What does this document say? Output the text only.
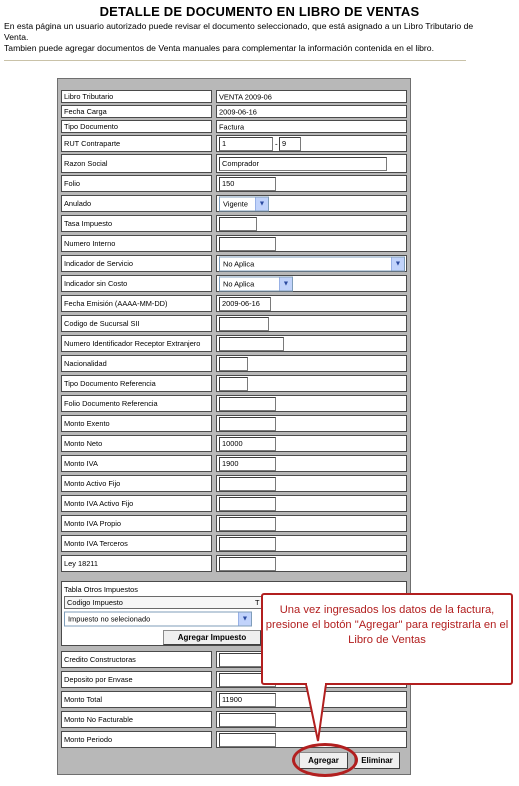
DETALLE DE DOCUMENTO EN LIBRO DE VENTAS
En esta página un usuario autorizado puede revisar el documento seleccionado, que está asignado a un Libro Tributario de Venta.
Tambien puede agregar documentos de Venta manuales para complementar la información contenida en el libro.
Libro Tributario	VENTA 2009-06
Fecha Carga	2009-06-16
Tipo Documento	Factura
RUT Contraparte	1	- 9
Razon Social	Comprador
Folio	150
Anulado	Vigente	▼
Tasa Impuesto
Numero Interno
Indicador de Servicio	No Aplica	▼
Indicador sin Costo	No Aplica	▼
Fecha Emisión (AAAA-MM-DD)	2009-06-16
Codigo de Sucursal SII
Numero Identificador Receptor Extranjero
Nacionalidad
Tipo Documento Referencia
Folio Documento Referencia
Monto Exento
Monto Neto	10000
Monto IVA	1900
Monto Activo Fijo
Monto IVA Activo Fijo
Monto IVA Propio
Monto IVA Terceros
Ley 18211
Tabla Otros Impuestos
Codigo Impuesto	T
Impuesto no selecionado	▼
Agregar Impuesto
Credito Constructoras
Deposito por Envase
Monto Total	11900
Monto No Facturable
Monto Periodo
Agregar	Eliminar
Una vez ingresados los datos de la factura, presione el botón "Agregar" para registrarla en el Libro de Ventas
